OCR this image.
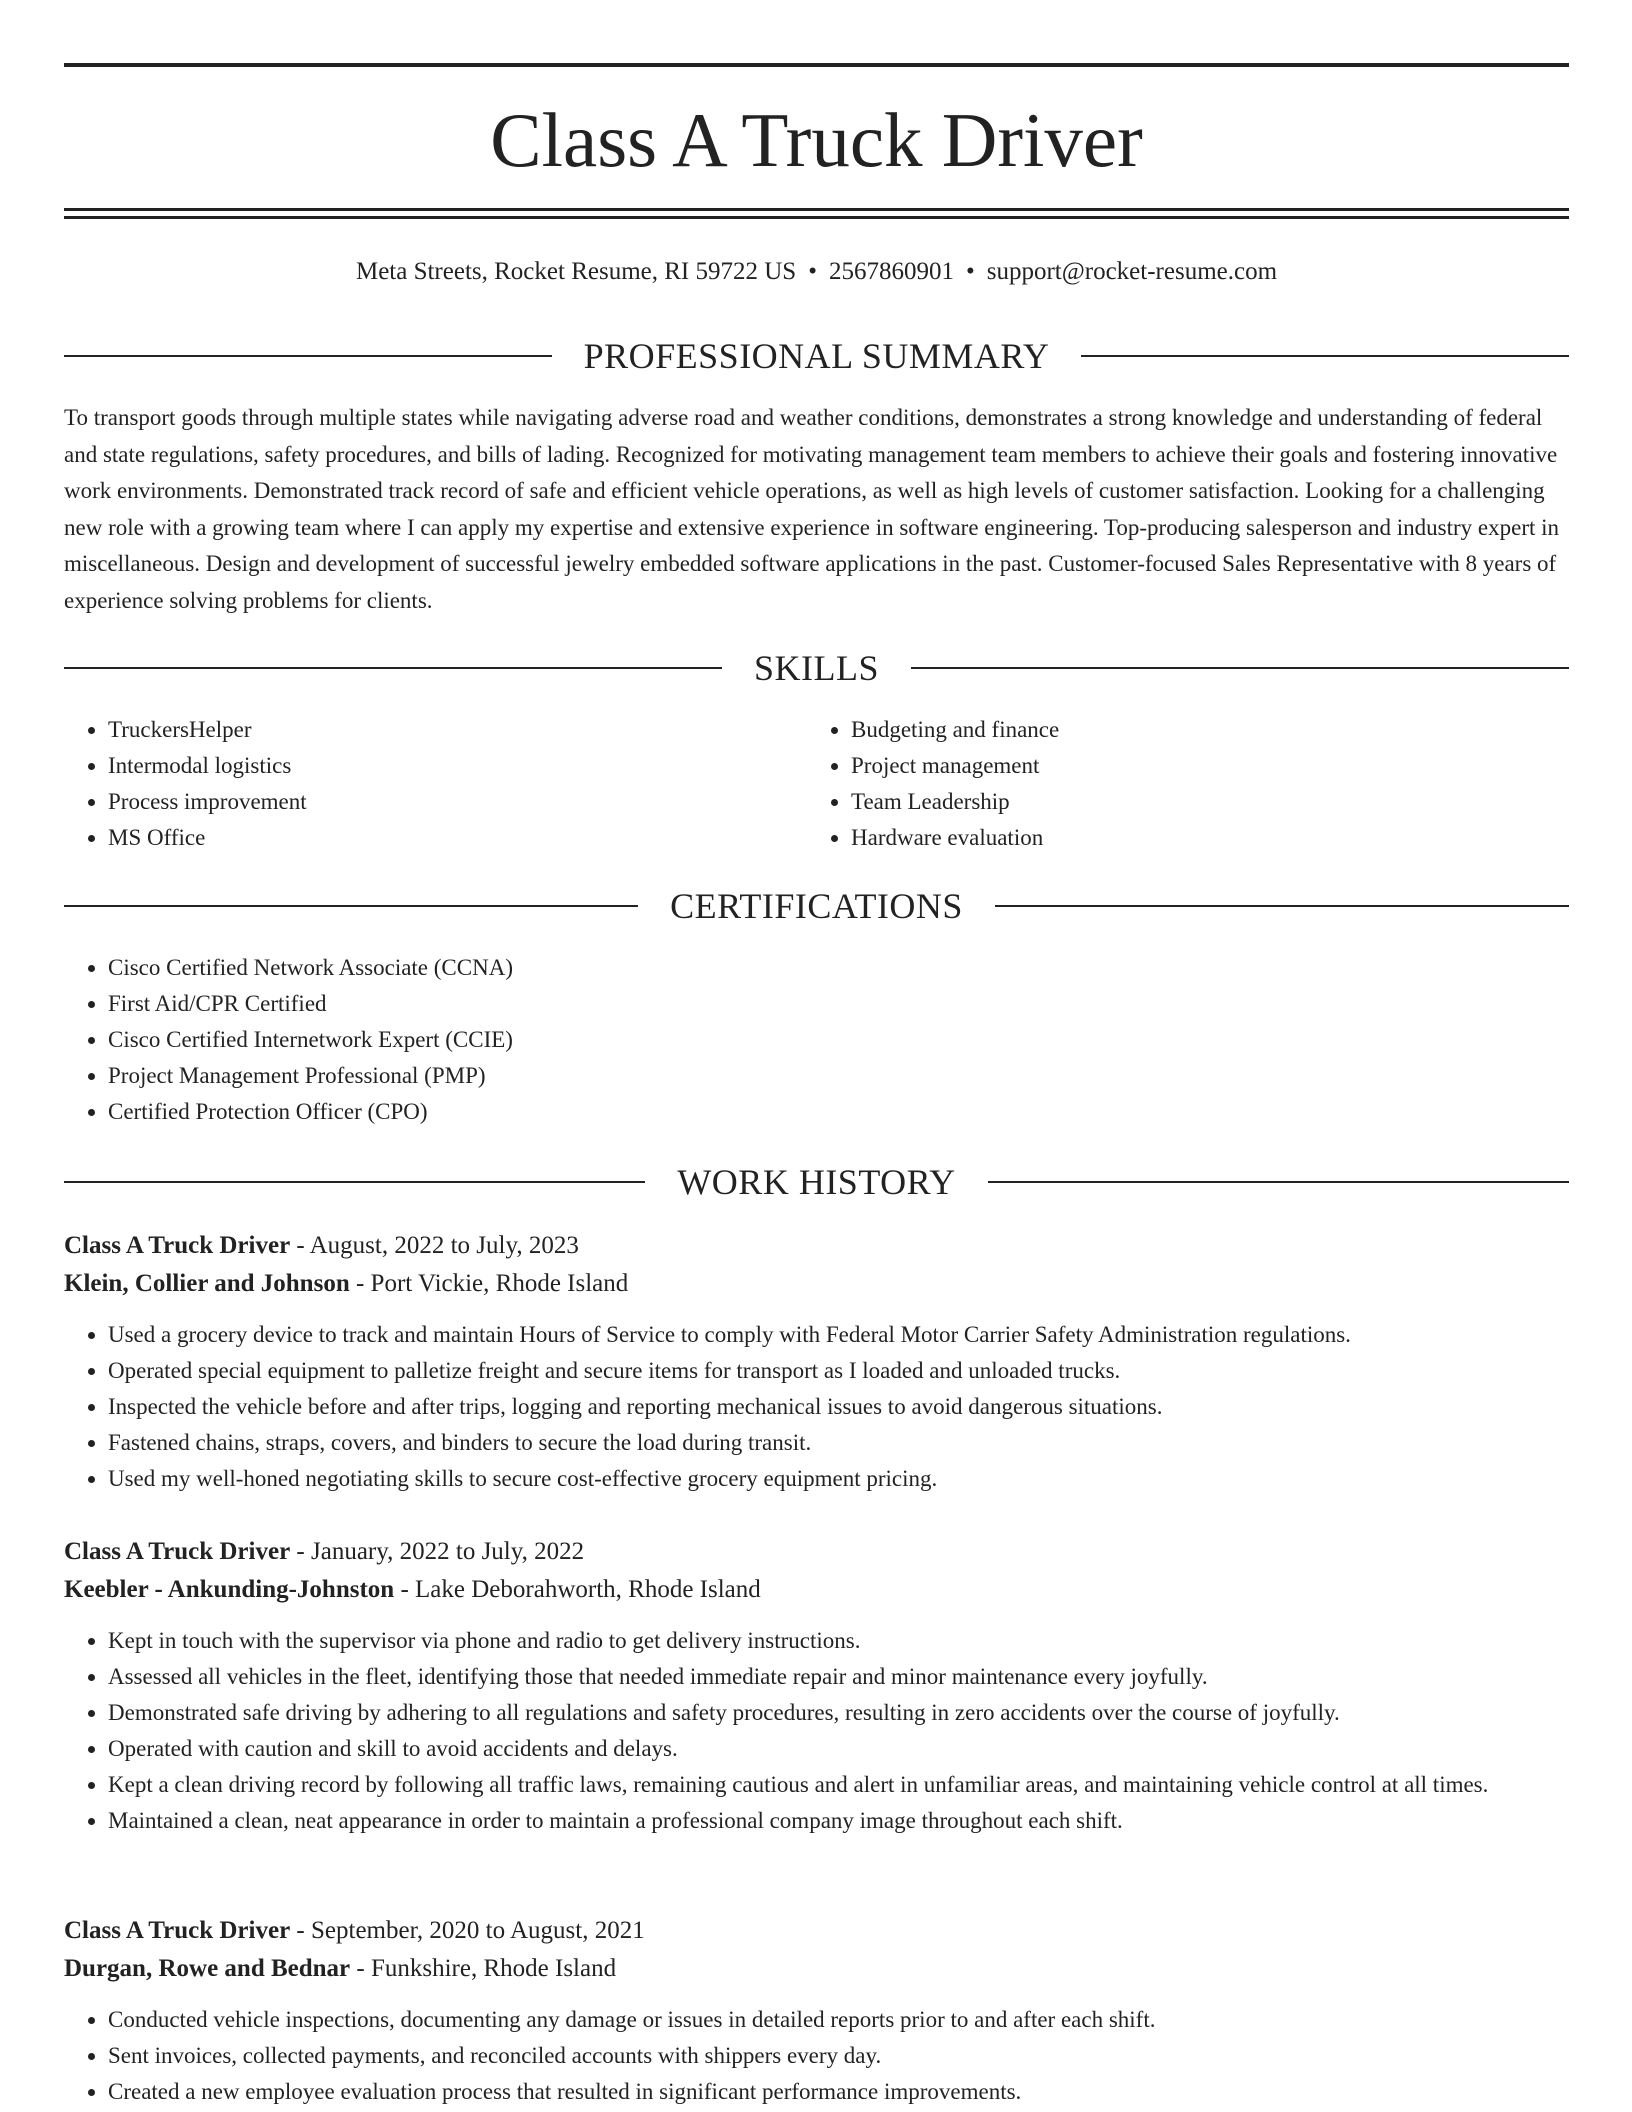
Class A Truck Driver
Meta Streets, Rocket Resume, RI 59722 US • 2567860901 • support@rocket-resume.com
PROFESSIONAL SUMMARY

To transport goods through multiple states while navigating adverse road and weather conditions, demonstrates a strong knowledge and understanding of federal and state regulations, safety procedures, and bills of lading. Recognized for motivating management team members to achieve their goals and fostering innovative work environments. Demonstrated track record of safe and efficient vehicle operations, as well as high levels of customer satisfaction. Looking for a challenging new role with a growing team where I can apply my expertise and extensive experience in software engineering. Top-producing salesperson and industry expert in miscellaneous. Design and development of successful jewelry embedded software applications in the past. Customer-focused Sales Representative with 8 years of experience solving problems for clients.

SKILLS
• TruckersHelper
• Intermodal logistics
• Process improvement
• MS Office
• Budgeting and finance
• Project management
• Team Leadership
• Hardware evaluation
CERTIFICATIONS
• Cisco Certified Network Associate (CCNA)
• First Aid/CPR Certified
• Cisco Certified Internetwork Expert (CCIE)
• Project Management Professional (PMP)
• Certified Protection Officer (CPO)
WORK HISTORY
Class A Truck Driver - August, 2022 to July, 2023
Klein, Collier and Johnson - Port Vickie, Rhode Island
• Used a grocery device to track and maintain Hours of Service to comply with Federal Motor Carrier Safety Administration regulations.
• Operated special equipment to palletize freight and secure items for transport as I loaded and unloaded trucks.
• Inspected the vehicle before and after trips, logging and reporting mechanical issues to avoid dangerous situations.
• Fastened chains, straps, covers, and binders to secure the load during transit.
• Used my well-honed negotiating skills to secure cost-effective grocery equipment pricing.
Class A Truck Driver - January, 2022 to July, 2022
Keebler - Ankunding-Johnston - Lake Deborahworth, Rhode Island
• Kept in touch with the supervisor via phone and radio to get delivery instructions.
• Assessed all vehicles in the fleet, identifying those that needed immediate repair and minor maintenance every joyfully.
• Demonstrated safe driving by adhering to all regulations and safety procedures, resulting in zero accidents over the course of joyfully.
• Operated with caution and skill to avoid accidents and delays.
• Kept a clean driving record by following all traffic laws, remaining cautious and alert in unfamiliar areas, and maintaining vehicle control at all times.
• Maintained a clean, neat appearance in order to maintain a professional company image throughout each shift.
Class A Truck Driver - September, 2020 to August, 2021
Durgan, Rowe and Bednar - Funkshire, Rhode Island
• Conducted vehicle inspections, documenting any damage or issues in detailed reports prior to and after each shift.
• Sent invoices, collected payments, and reconciled accounts with shippers every day.
• Created a new employee evaluation process that resulted in significant performance improvements.
